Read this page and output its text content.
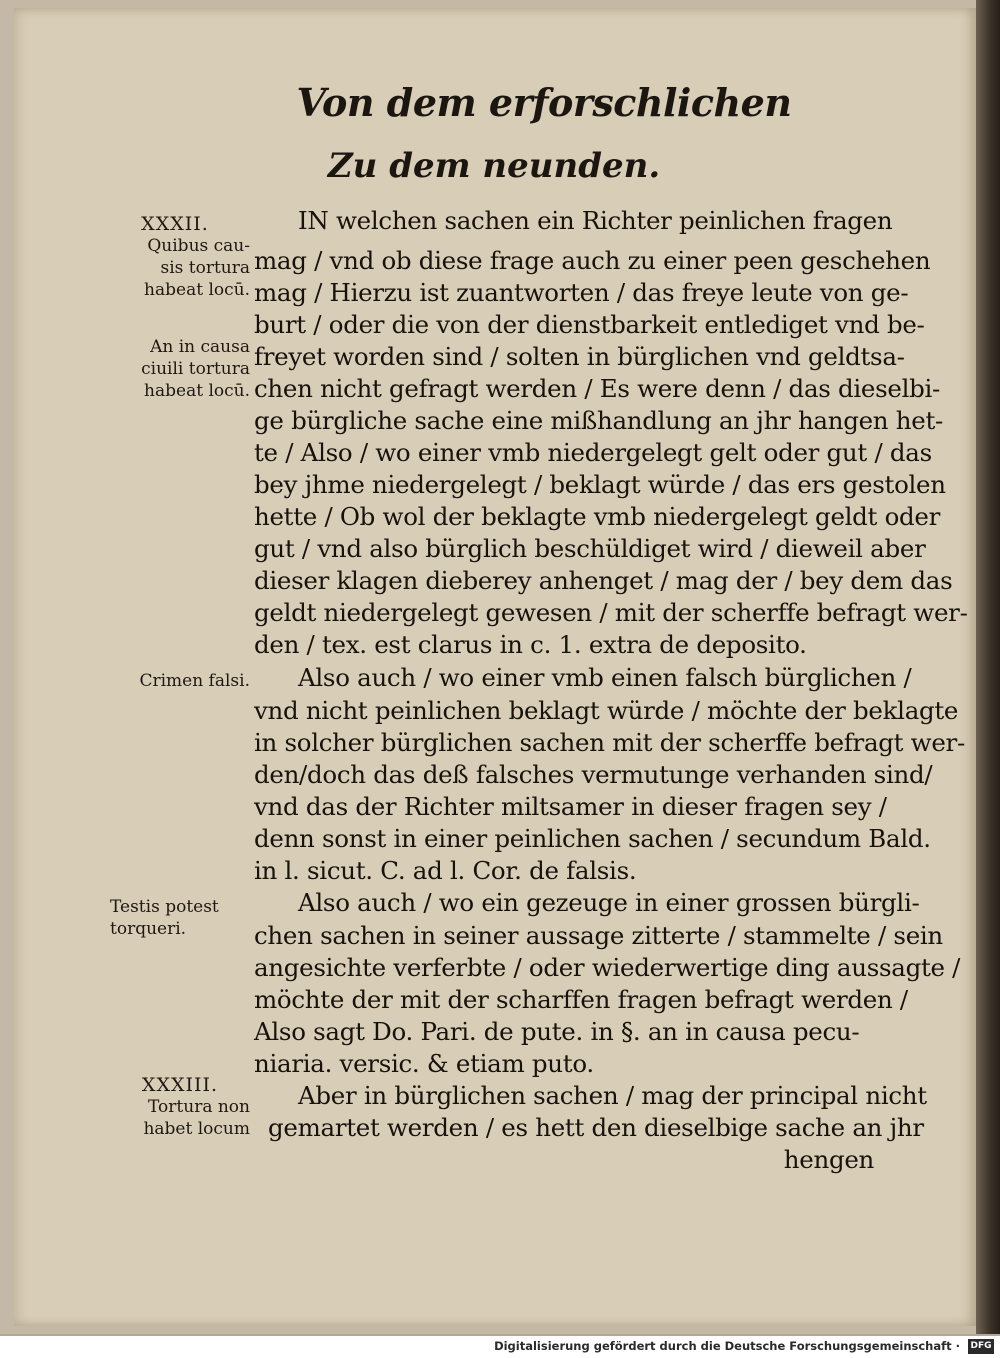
Von dem erforschlichen
Zu dem neunden.
XXXII.
Quibus cau-
sis tortura
habeat locū.
An in causa
ciuili tortura
habeat locū.
Crimen falsi.
Testis potest
torqueri.
XXXIII.
Tortura non
habet locum
IN welchen sachen ein Richter peinlichen fragen
mag / vnd ob diese frage auch zu einer peen geschehen
mag / Hierzu ist zuantworten / das freye leute von ge-
burt / oder die von der dienstbarkeit entlediget vnd be-
freyet worden sind / solten in bürglichen vnd geldtsa-
chen nicht gefragt werden / Es were denn / das dieselbi-
ge bürgliche sache eine mißhandlung an jhr hangen het-
te / Also / wo einer vmb niedergelegt gelt oder gut / das
bey jhme niedergelegt / beklagt würde / das ers gestolen
hette / Ob wol der beklagte vmb niedergelegt geldt oder
gut / vnd also bürglich beschüldiget wird / dieweil aber
dieser klagen dieberey anhenget / mag der / bey dem das
geldt niedergelegt gewesen / mit der scherffe befragt wer-
den / tex. est clarus in c. 1. extra de deposito.
Also auch / wo einer vmb einen falsch bürglichen /
vnd nicht peinlichen beklagt würde / möchte der beklagte
in solcher bürglichen sachen mit der scherffe befragt wer-
den/doch das deß falsches vermutunge verhanden sind/
vnd das der Richter miltsamer in dieser fragen sey /
denn sonst in einer peinlichen sachen / secundum Bald.
in l. sicut. C. ad l. Cor. de falsis.
Also auch / wo ein gezeuge in einer grossen bürgli-
chen sachen in seiner aussage zitterte / stammelte / sein
angesichte verferbte / oder wiederwertige ding aussagte /
möchte der mit der scharffen fragen befragt werden /
Also sagt Do. Pari. de pute. in §. an in causa pecu-
niaria. versic. & etiam puto.
Aber in bürglichen sachen / mag der principal nicht
gemartet werden / es hett den dieselbige sache an jhr
hengen
Digitalisierung gefördert durch die Deutsche Forschungsgemeinschaft · DFG
